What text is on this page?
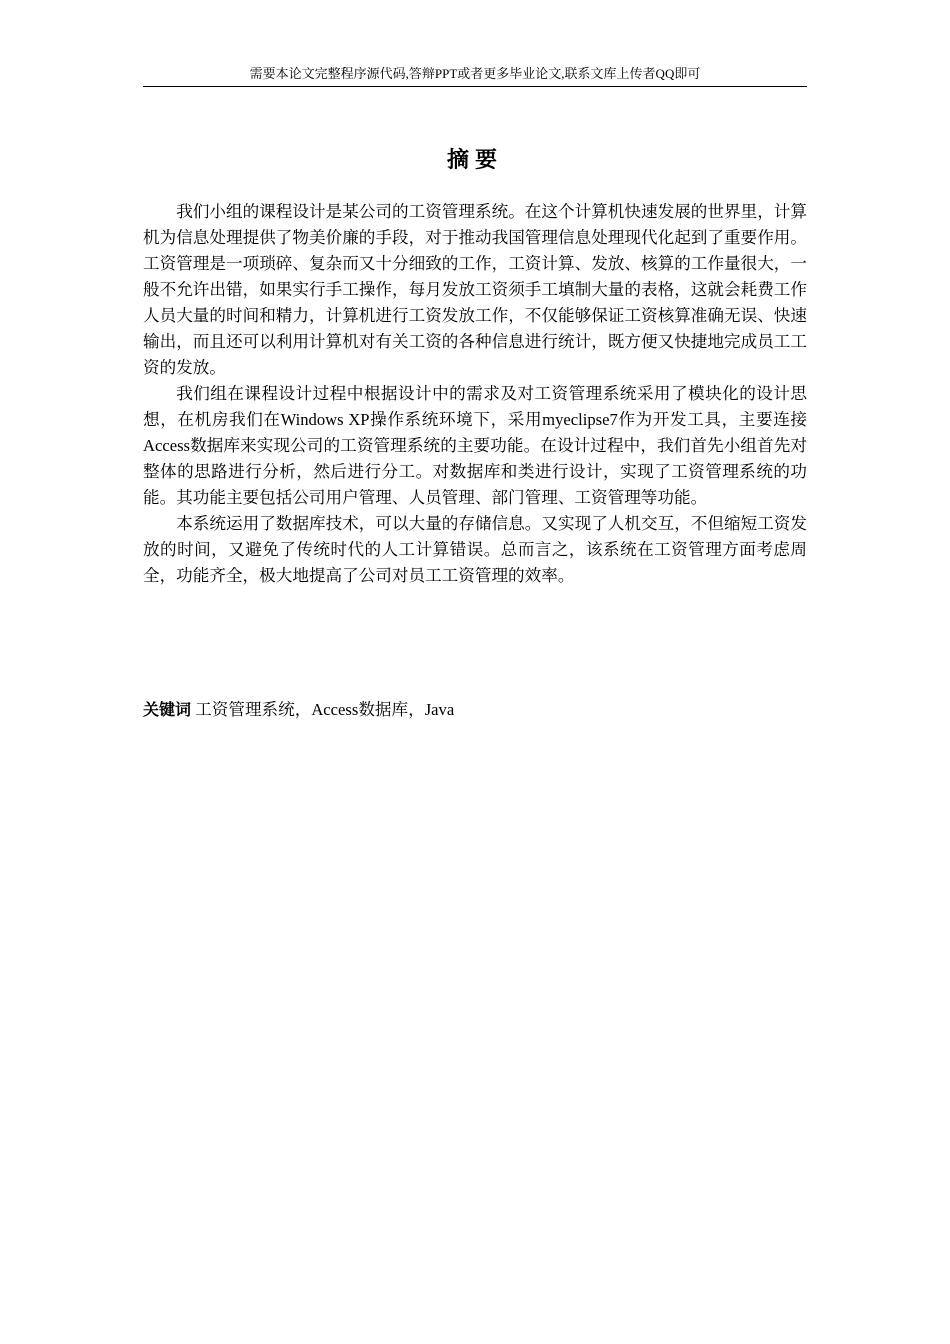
需要本论文完整程序源代码,答辩PPT或者更多毕业论文,联系文库上传者QQ即可
摘要

我们小组的课程设计是某公司的工资管理系统。在这个计算机快速发展的世界里，计算机为信息处理提供了物美价廉的手段，对于推动我国管理信息处理现代化起到了重要作用。工资管理是一项琐碎、复杂而又十分细致的工作，工资计算、发放、核算的工作量很大，一般不允许出错，如果实行手工操作，每月发放工资须手工填制大量的表格，这就会耗费工作人员大量的时间和精力，计算机进行工资发放工作，不仅能够保证工资核算准确无误、快速输出，而且还可以利用计算机对有关工资的各种信息进行统计，既方便又快捷地完成员工工资的发放。

我们组在课程设计过程中根据设计中的需求及对工资管理系统采用了模块化的设计思想，在机房我们在Windows XP操作系统环境下，采用myeclipse7作为开发工具，主要连接Access数据库来实现公司的工资管理系统的主要功能。在设计过程中，我们首先小组首先对整体的思路进行分析，然后进行分工。对数据库和类进行设计，实现了工资管理系统的功能。其功能主要包括公司用户管理、人员管理、部门管理、工资管理等功能。

本系统运用了数据库技术，可以大量的存储信息。又实现了人机交互，不但缩短工资发放的时间，又避免了传统时代的人工计算错误。总而言之，该系统在工资管理方面考虑周全，功能齐全，极大地提高了公司对员工工资管理的效率。

关键词 工资管理系统，Access数据库，Java
